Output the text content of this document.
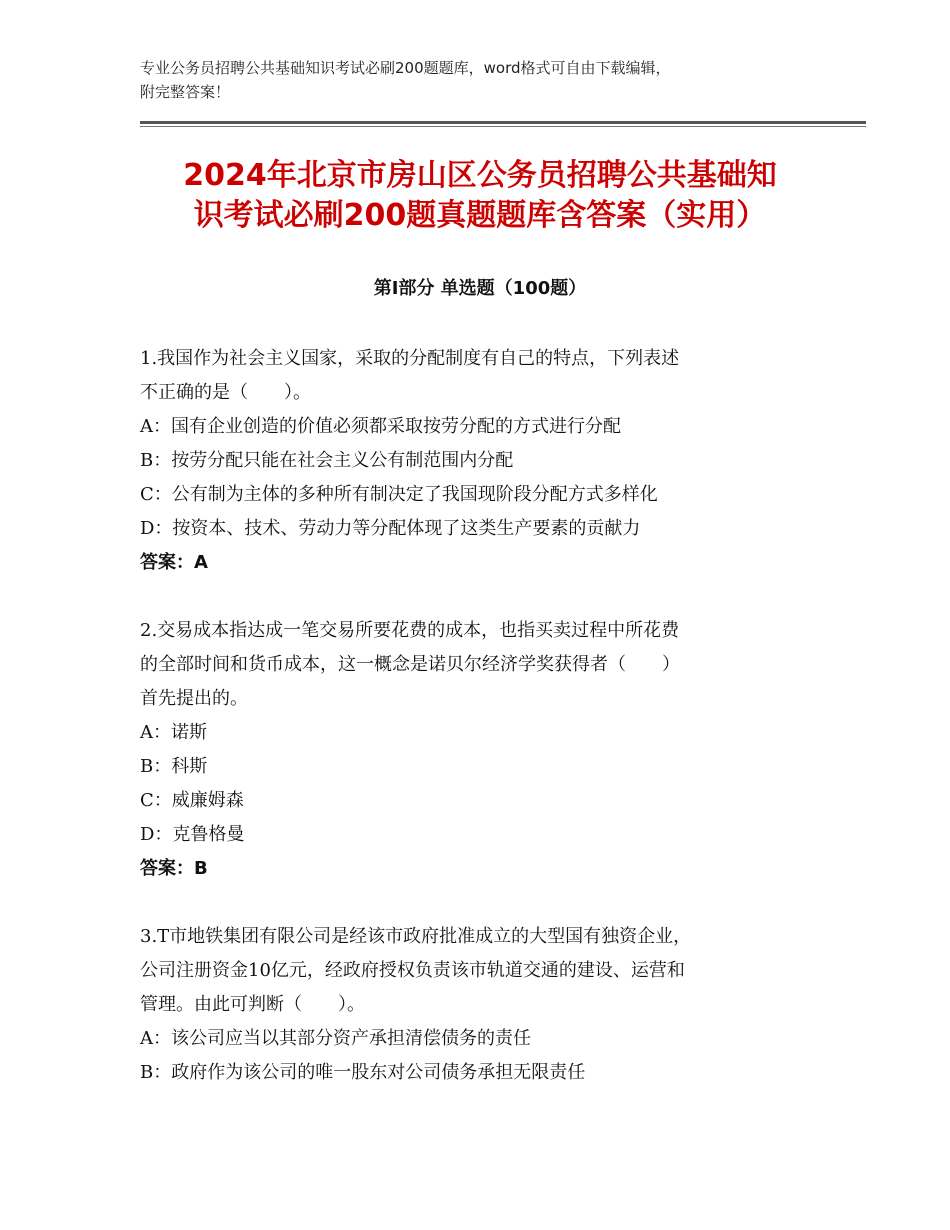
专业公务员招聘公共基础知识考试必刷200题题库，word格式可自由下载编辑，
附完整答案！
2024年北京市房山区公务员招聘公共基础知
识考试必刷200题真题题库含答案（实用）
第I部分 单选题（100题）
1.我国作为社会主义国家，采取的分配制度有自己的特点，下列表述
不正确的是（　　）。
A：国有企业创造的价值必须都采取按劳分配的方式进行分配
B：按劳分配只能在社会主义公有制范围内分配
C：公有制为主体的多种所有制决定了我国现阶段分配方式多样化
D：按资本、技术、劳动力等分配体现了这类生产要素的贡献力
答案：A
2.交易成本指达成一笔交易所要花费的成本，也指买卖过程中所花费
的全部时间和货币成本，这一概念是诺贝尔经济学奖获得者（　　）
首先提出的。
A：诺斯
B：科斯
C：威廉姆森
D：克鲁格曼
答案：B
3.T市地铁集团有限公司是经该市政府批准成立的大型国有独资企业，
公司注册资金10亿元，经政府授权负责该市轨道交通的建设、运营和
管理。由此可判断（　　）。
A：该公司应当以其部分资产承担清偿债务的责任
B：政府作为该公司的唯一股东对公司债务承担无限责任
